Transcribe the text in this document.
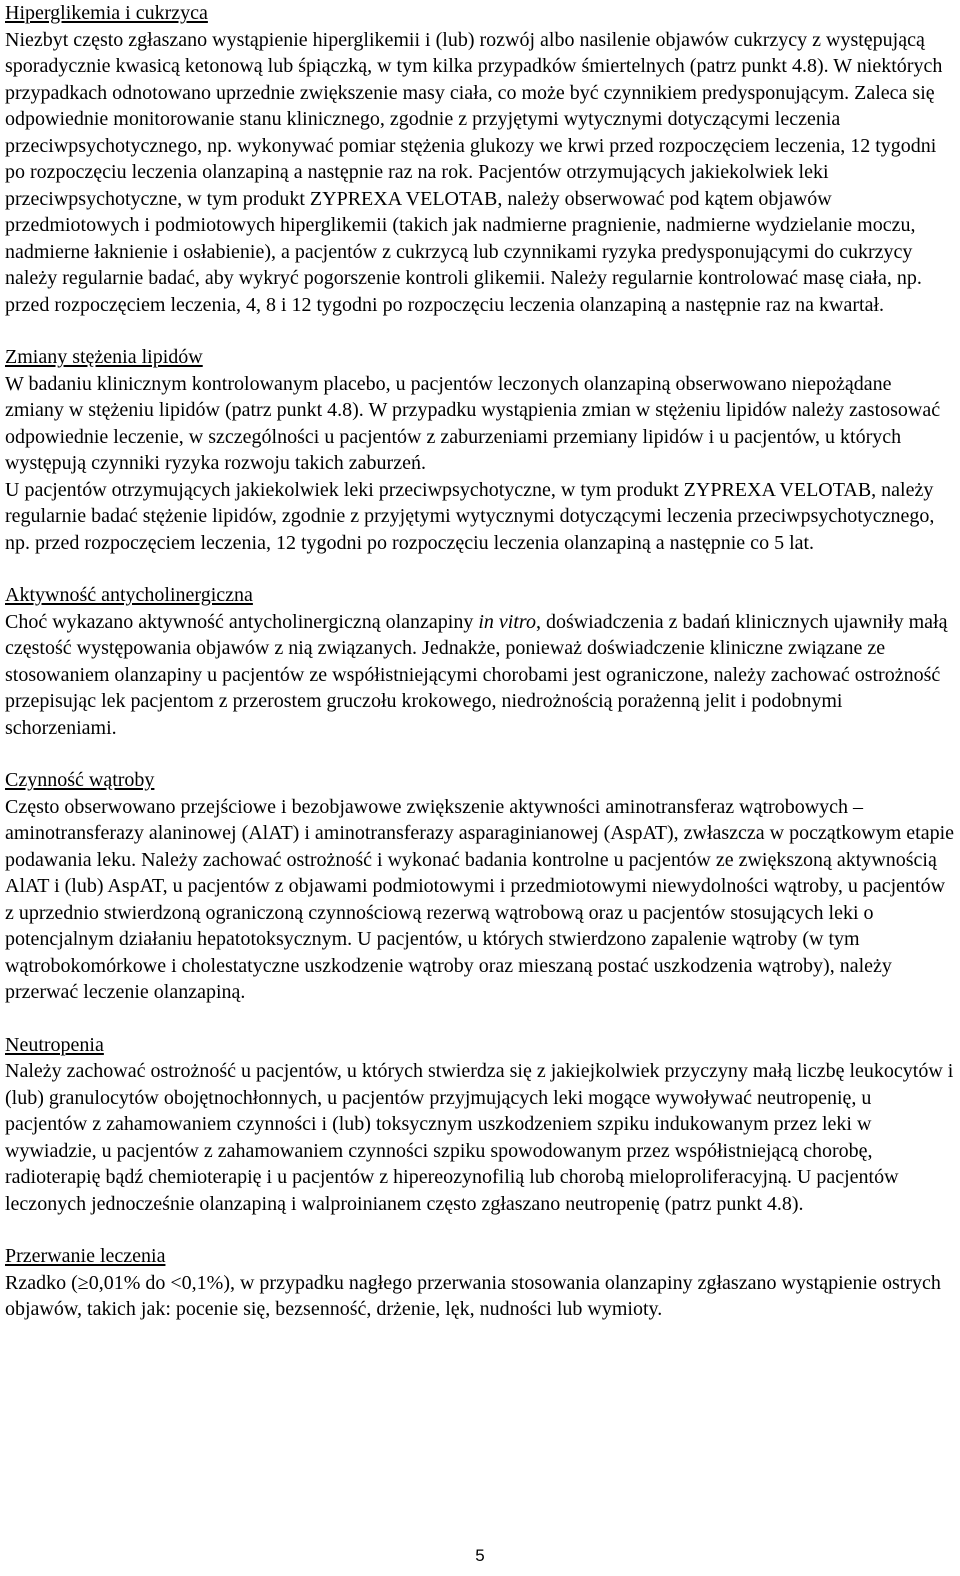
Hiperglikemia i cukrzyca

Niezbyt często zgłaszano wystąpienie hiperglikemii i (lub) rozwój albo nasilenie objawów cukrzycy z występującą sporadycznie kwasicą ketonową lub śpiączką, w tym kilka przypadków śmiertelnych (patrz punkt 4.8). W niektórych przypadkach odnotowano uprzednie zwiększenie masy ciała, co może być czynnikiem predysponującym. Zaleca się odpowiednie monitorowanie stanu klinicznego, zgodnie z przyjętymi wytycznymi dotyczącymi leczenia przeciwpsychotycznego, np. wykonywać pomiar stężenia glukozy we krwi przed rozpoczęciem leczenia, 12 tygodni po rozpoczęciu leczenia olanzapiną a następnie raz na rok. Pacjentów otrzymujących jakiekolwiek leki przeciwpsychotyczne, w tym produkt ZYPREXA VELOTAB, należy obserwować pod kątem objawów przedmiotowych i podmiotowych hiperglikemii (takich jak nadmierne pragnienie, nadmierne wydzielanie moczu, nadmierne łaknienie i osłabienie), a pacjentów z cukrzycą lub czynnikami ryzyka predysponującymi do cukrzycy należy regularnie badać, aby wykryć pogorszenie kontroli glikemii. Należy regularnie kontrolować masę ciała, np. przed rozpoczęciem leczenia, 4, 8 i 12 tygodni po rozpoczęciu leczenia olanzapiną a następnie raz na kwartał.

Zmiany stężenia lipidów

W badaniu klinicznym kontrolowanym placebo, u pacjentów leczonych olanzapiną obserwowano niepożądane zmiany w stężeniu lipidów (patrz punkt 4.8). W przypadku wystąpienia zmian w stężeniu lipidów należy zastosować odpowiednie leczenie, w szczególności u pacjentów z zaburzeniami przemiany lipidów i u pacjentów, u których występują czynniki ryzyka rozwoju takich zaburzeń.

U pacjentów otrzymujących jakiekolwiek leki przeciwpsychotyczne, w tym produkt ZYPREXA VELOTAB, należy regularnie badać stężenie lipidów, zgodnie z przyjętymi wytycznymi dotyczącymi leczenia przeciwpsychotycznego, np. przed rozpoczęciem leczenia, 12 tygodni po rozpoczęciu leczenia olanzapiną a następnie co 5 lat.

Aktywność antycholinergiczna

Choć wykazano aktywność antycholinergiczną olanzapiny in vitro, doświadczenia z badań klinicznych ujawniły małą częstość występowania objawów z nią związanych. Jednakże, ponieważ doświadczenie kliniczne związane ze stosowaniem olanzapiny u pacjentów ze współistniejącymi chorobami jest ograniczone, należy zachować ostrożność przepisując lek pacjentom z przerostem gruczołu krokowego, niedrożnością porażenną jelit i podobnymi schorzeniami.

Czynność wątroby

Często obserwowano przejściowe i bezobjawowe zwiększenie aktywności aminotransferaz wątrobowych – aminotransferazy alaninowej (AlAT) i aminotransferazy asparaginianowej (AspAT), zwłaszcza w początkowym etapie podawania leku. Należy zachować ostrożność i wykonać badania kontrolne u pacjentów ze zwiększoną aktywnością AlAT i (lub) AspAT, u pacjentów z objawami podmiotowymi i przedmiotowymi niewydolności wątroby, u pacjentów z uprzednio stwierdzoną ograniczoną czynnościową rezerwą wątrobową oraz u pacjentów stosujących leki o potencjalnym działaniu hepatotoksycznym. U pacjentów, u których stwierdzono zapalenie wątroby (w tym wątrobokomórkowe i cholestatyczne uszkodzenie wątroby oraz mieszaną postać uszkodzenia wątroby), należy przerwać leczenie olanzapiną.

Neutropenia

Należy zachować ostrożność u pacjentów, u których stwierdza się z jakiejkolwiek przyczyny małą liczbę leukocytów i (lub) granulocytów obojętnochłonnych, u pacjentów przyjmujących leki mogące wywoływać neutropenię, u pacjentów z zahamowaniem czynności i (lub) toksycznym uszkodzeniem szpiku indukowanym przez leki w wywiadzie, u pacjentów z zahamowaniem czynności szpiku spowodowanym przez współistniejącą chorobę, radioterapię bądź chemioterapię i u pacjentów z hipereozynofilią lub chorobą mieloproliferacyjną. U pacjentów leczonych jednocześnie olanzapiną i walproinianem często zgłaszano neutropenię (patrz punkt 4.8).

Przerwanie leczenia

Rzadko (≥0,01% do <0,1%), w przypadku nagłego przerwania stosowania olanzapiny zgłaszano wystąpienie ostrych objawów, takich jak: pocenie się, bezsenność, drżenie, lęk, nudności lub wymioty.

5
